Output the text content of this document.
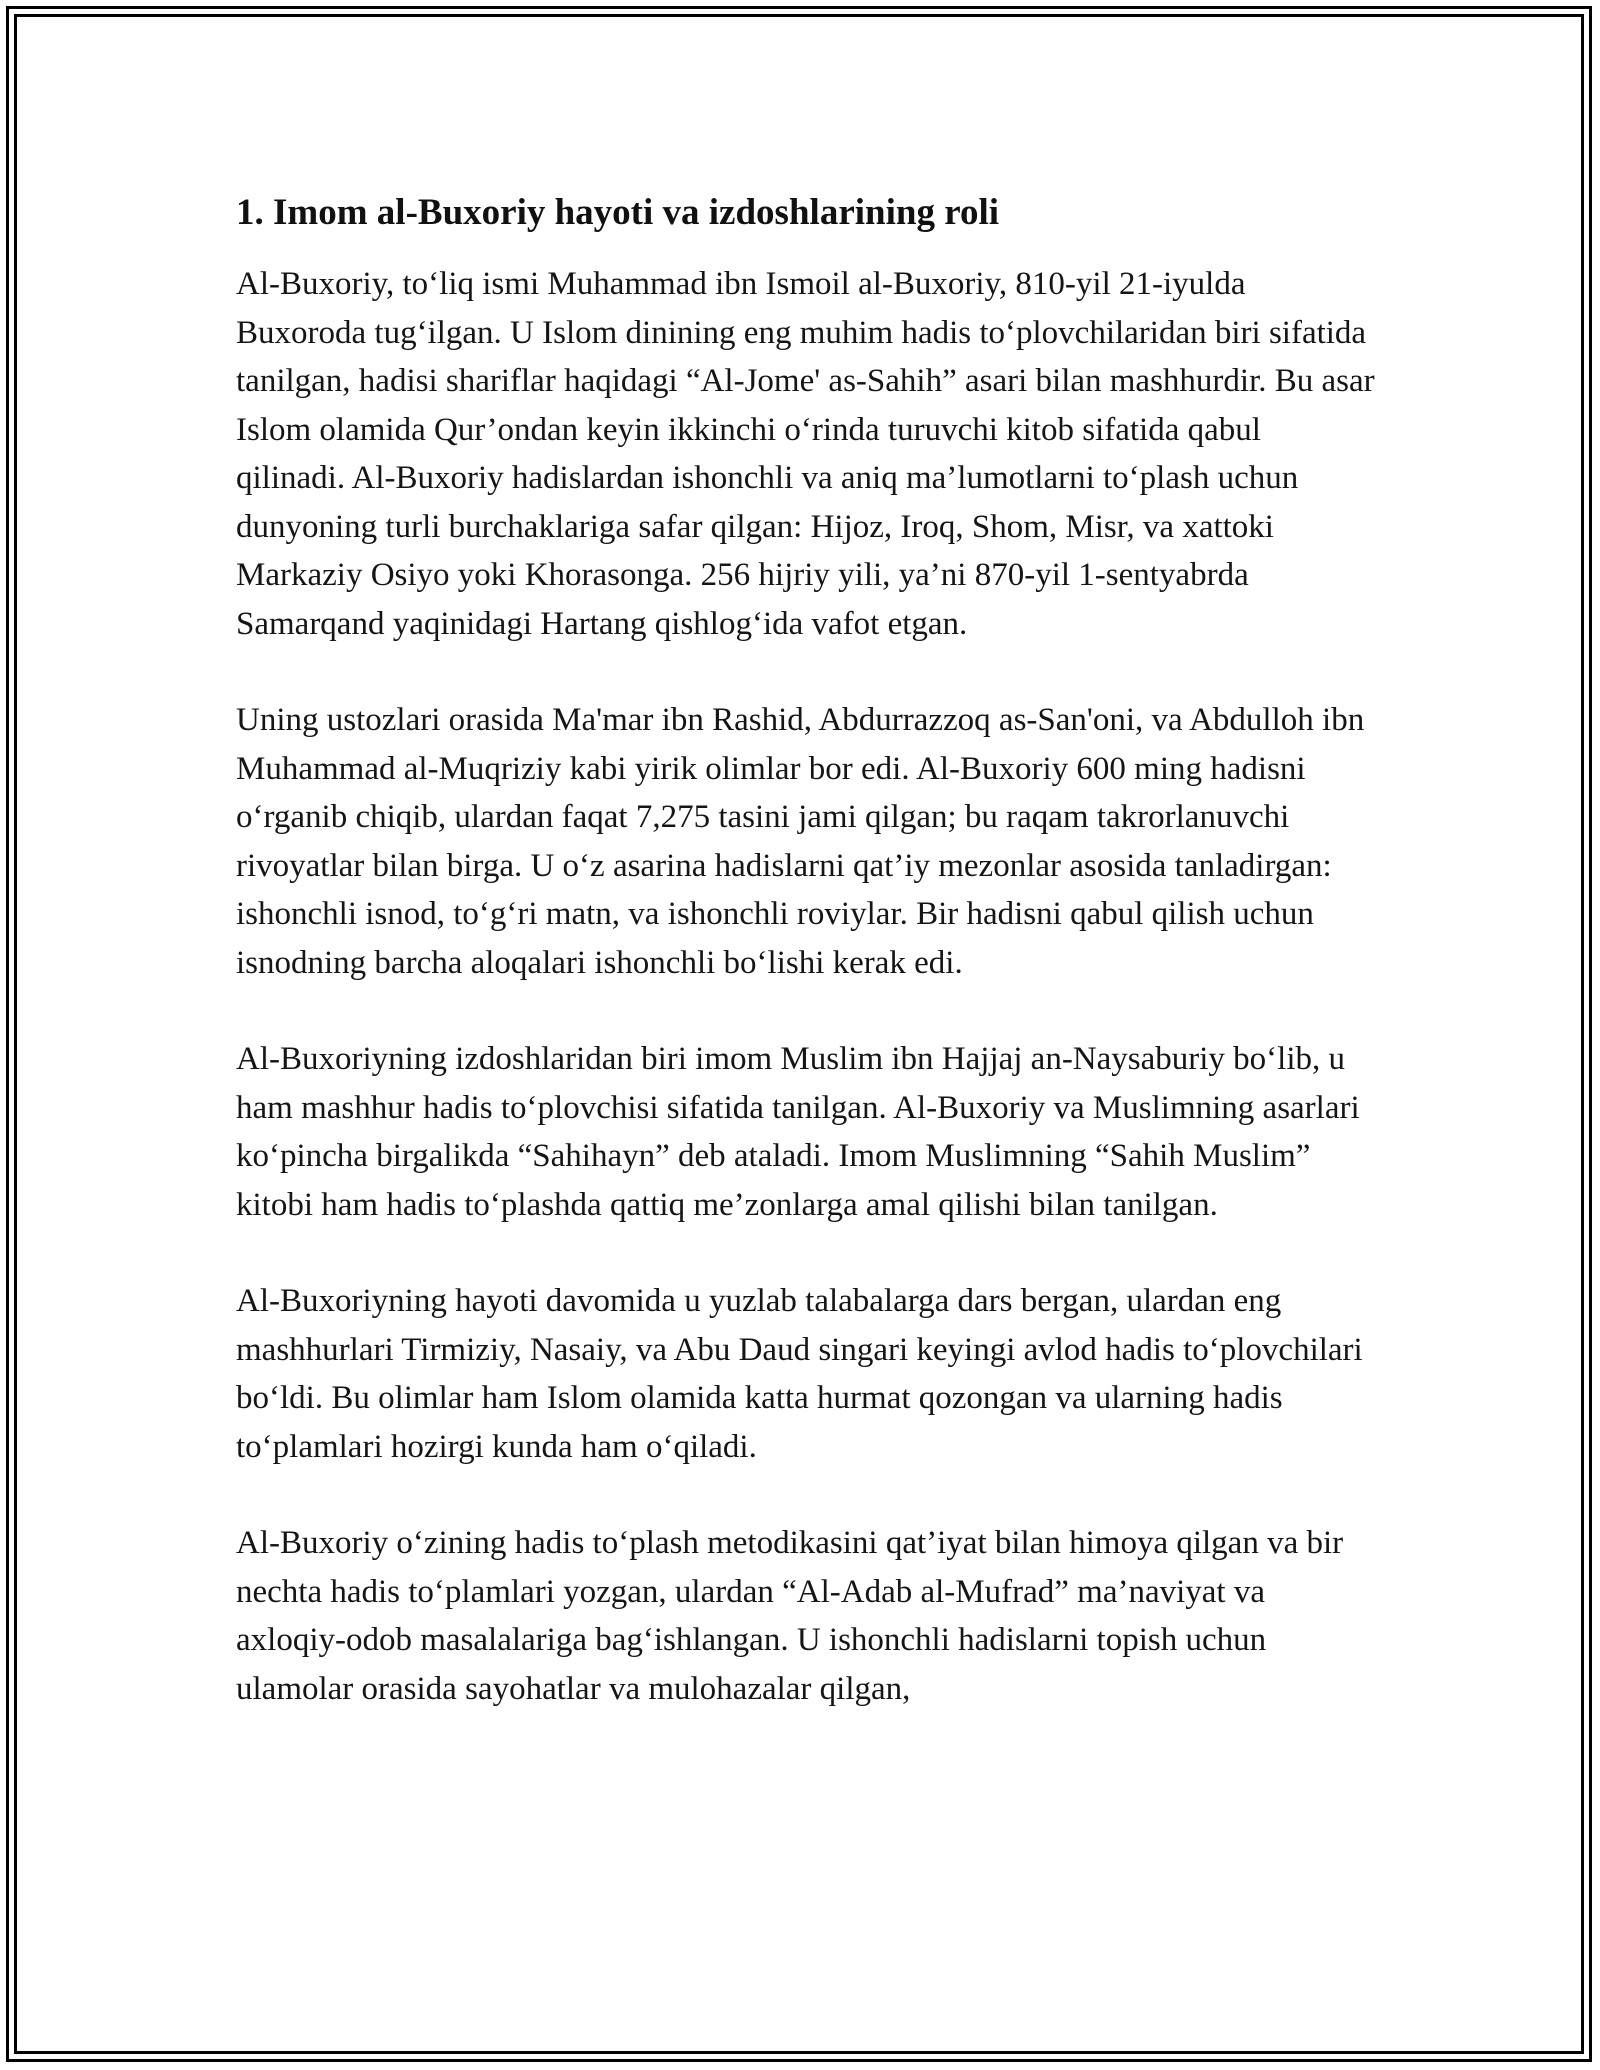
1. Imom al-Buxoriy hayoti va izdoshlarining roli

Al-Buxoriy, to‘liq ismi Muhammad ibn Ismoil al-Buxoriy, 810-yil 21-iyulda Buxoroda tug‘ilgan. U Islom dinining eng muhim hadis to‘plovchilaridan biri sifatida tanilgan, hadisi shariflar haqidagi “Al-Jome' as-Sahih” asari bilan mashhurdir. Bu asar Islom olamida Qur’ondan keyin ikkinchi o‘rinda turuvchi kitob sifatida qabul qilinadi. Al-Buxoriy hadislardan ishonchli va aniq ma’lumotlarni to‘plash uchun dunyoning turli burchaklariga safar qilgan: Hijoz, Iroq, Shom, Misr, va xattoki Markaziy Osiyo yoki Khorasonga. 256 hijriy yili, ya’ni 870-yil 1-sentyabrda Samarqand yaqinidagi Hartang qishlog‘ida vafot etgan.

Uning ustozlari orasida Ma'mar ibn Rashid, Abdurrazzoq as-San'oni, va Abdulloh ibn Muhammad al-Muqriziy kabi yirik olimlar bor edi. Al-Buxoriy 600 ming hadisni o‘rganib chiqib, ulardan faqat 7,275 tasini jami qilgan; bu raqam takrorlanuvchi rivoyatlar bilan birga. U o‘z asarina hadislarni qat’iy mezonlar asosida tanladirgan: ishonchli isnod, to‘g‘ri matn, va ishonchli roviylar. Bir hadisni qabul qilish uchun isnodning barcha aloqalari ishonchli bo‘lishi kerak edi.

Al-Buxoriyning izdoshlaridan biri imom Muslim ibn Hajjaj an-Naysaburiy bo‘lib, u ham mashhur hadis to‘plovchisi sifatida tanilgan. Al-Buxoriy va Muslimning asarlari ko‘pincha birgalikda “Sahihayn” deb ataladi. Imom Muslimning “Sahih Muslim” kitobi ham hadis to‘plashda qattiq me’zonlarga amal qilishi bilan tanilgan.

Al-Buxoriyning hayoti davomida u yuzlab talabalarga dars bergan, ulardan eng mashhurlari Tirmiziy, Nasaiy, va Abu Daud singari keyingi avlod hadis to‘plovchilari bo‘ldi. Bu olimlar ham Islom olamida katta hurmat qozongan va ularning hadis to‘plamlari hozirgi kunda ham o‘qiladi.

Al-Buxoriy o‘zining hadis to‘plash metodikasini qat’iyat bilan himoya qilgan va bir nechta hadis to‘plamlari yozgan, ulardan “Al-Adab al-Mufrad” ma’naviyat va axloqiy-odob masalalariga bag‘ishlangan. U ishonchli hadislarni topish uchun ulamolar orasida sayohatlar va mulohazalar qilgan,
